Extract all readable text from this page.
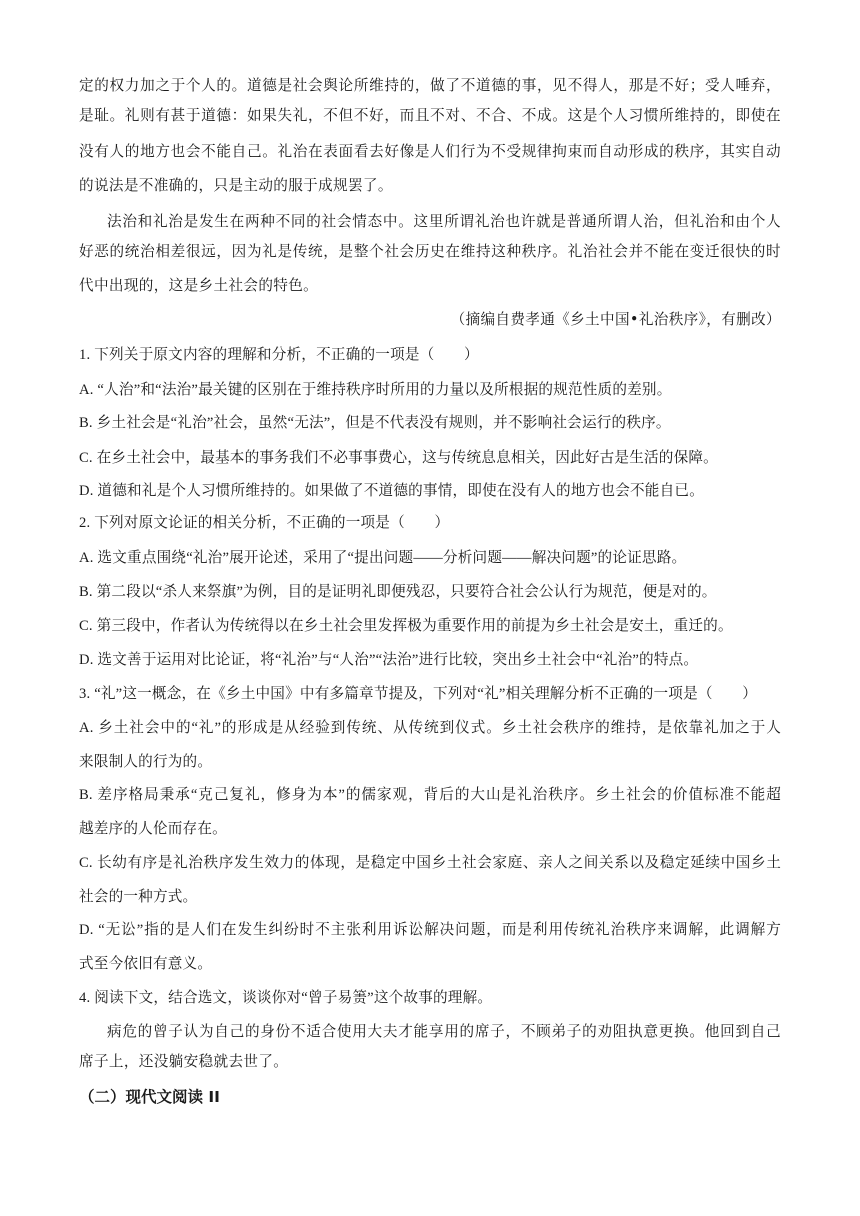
定的权力加之于个人的。道德是社会舆论所维持的，做了不道德的事，见不得人，那是不好；受人唾弃，
是耻。礼则有甚于道德：如果失礼，不但不好，而且不对、不合、不成。这是个人习惯所维持的，即使在
没有人的地方也会不能自己。礼治在表面看去好像是人们行为不受规律拘束而自动形成的秩序，其实自动
的说法是不准确的，只是主动的服于成规罢了。
法治和礼治是发生在两种不同的社会情态中。这里所谓礼治也许就是普通所谓人治，但礼治和由个人
好恶的统治相差很远，因为礼是传统，是整个社会历史在维持这种秩序。礼治社会并不能在变迁很快的时
代中出现的，这是乡土社会的特色。
（摘编自费孝通《乡土中国•礼治秩序》，有删改）
1. 下列关于原文内容的理解和分析，不正确的一项是（　　）
A. “人治”和“法治”最关键的区别在于维持秩序时所用的力量以及所根据的规范性质的差别。
B. 乡土社会是“礼治”社会，虽然“无法”，但是不代表没有规则，并不影响社会运行的秩序。
C. 在乡土社会中，最基本的事务我们不必事事费心，这与传统息息相关，因此好古是生活的保障。
D. 道德和礼是个人习惯所维持的。如果做了不道德的事情，即使在没有人的地方也会不能自已。
2. 下列对原文论证的相关分析，不正确的一项是（　　）
A. 选文重点围绕“礼治”展开论述，采用了“提出问题——分析问题——解决问题”的论证思路。
B. 第二段以“杀人来祭旗”为例，目的是证明礼即便残忍，只要符合社会公认行为规范，便是对的。
C. 第三段中，作者认为传统得以在乡土社会里发挥极为重要作用的前提为乡土社会是安土，重迁的。
D. 选文善于运用对比论证，将“礼治”与“人治”“法治”进行比较，突出乡土社会中“礼治”的特点。
3. “礼”这一概念，在《乡土中国》中有多篇章节提及，下列对“礼”相关理解分析不正确的一项是（　　）
A. 乡土社会中的“礼”的形成是从经验到传统、从传统到仪式。乡土社会秩序的维持，是依靠礼加之于人
来限制人的行为的。
B. 差序格局秉承“克己复礼，修身为本”的儒家观，背后的大山是礼治秩序。乡土社会的价值标准不能超
越差序的人伦而存在。
C. 长幼有序是礼治秩序发生效力的体现，是稳定中国乡土社会家庭、亲人之间关系以及稳定延续中国乡土
社会的一种方式。
D. “无讼”指的是人们在发生纠纷时不主张利用诉讼解决问题，而是利用传统礼治秩序来调解，此调解方
式至今依旧有意义。
4. 阅读下文，结合选文，谈谈你对“曾子易箦”这个故事的理解。
病危的曾子认为自己的身份不适合使用大夫才能享用的席子，不顾弟子的劝阻执意更换。他回到自己
席子上，还没躺安稳就去世了。
（二）现代文阅读 II
